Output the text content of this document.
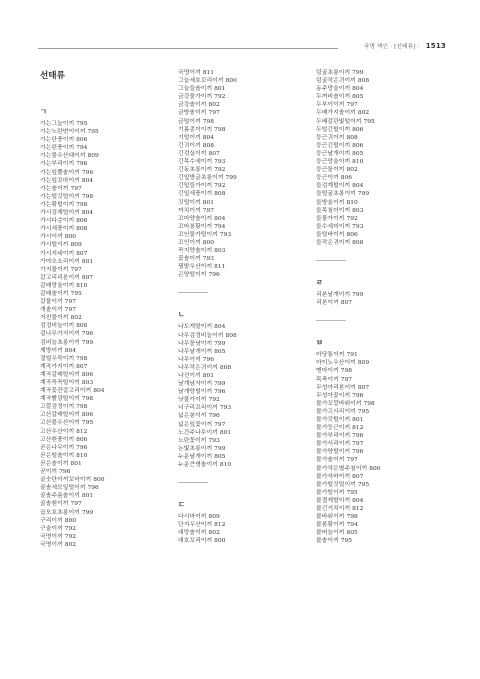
국명 색인 · [선태류] · 1513
선태류
ㄱ
가는그늘이끼 795
가는노란변이이끼 795
가는단풍이끼 806
가는린풍이끼 794
가는물우산대이끼 809
가는부리이끼 796
가는잎뿔솔이끼 796
가는잎꼬마이끼 804
가는솔이끼 797
가는털깃털이끼 798
가는황털이끼 798
가시검계털이끼 804
가시다층이끼 806
가시세풍이끼 808
가시이끼 800
가시털이끼 809
가시지네이끼 807
가야오소리이끼 801
가지물이끼 797
갈고리리본이끼 807
갈래망울이끼 810
갈래솔이끼 795
갈물이끼 797
개솔이끼 797
거친물이끼 802
검정비늘이끼 808
겉나무가지이끼 796
검비늘초롱이끼 799
계방이끼 804
결털우묵이끼 798
계곡가지이끼 807
계곡갈래털이끼 806
계곡꼭꼭털이끼 803
계곡꽃잔갈고리이끼 804
계곡빨광털이끼 798
고깔검정이끼 798
고산갈래털이끼 806
고산물우산이끼 795
고산우산이끼 812
고산흰풍이끼 806
곧은나무이끼 796
곧은털솔이끼 810
곧은솔이끼 801
곧이끼 796
골숫단이끼꼬마이끼 800
골솔세모잎털이끼 796
골솔주름솔이끼 801
골솔흰이끼 797
곱모호초롱이끼 799
구리이끼 800
구술이끼 792
국명이끼 792
국명이끼 802
국명이끼 811
그늘세호꼬리이끼 800
그늘들솔이끼 801
금강물가이끼 792
금강솔이끼 802
금방솔이끼 797
금털이끼 798
기름종이이끼 798
기털이끼 804
긴귀이끼 808
긴검실이끼 807
긴목수세이끼 793
긴동초롱이끼 792
긴잎방글초롱이끼 799
긴잎들가이끼 792
긴잎세풍이끼 808
깃털이끼 801
까치이끼 797
꼬마양솔이끼 804
꼬마봉황이끼 794
꼬인물가털이끼 793
꼬인이끼 800
꼭지양솔이끼 803
꽃솔이끼 793
꿩밭우산이끼 811
곤양털이끼 796
ㄴ
나도게발이끼 804
나무검정비늘이끼 808
나무꼴남이끼 799
나무날개이끼 805
나무이끼 796
나무작은귀이끼 808
나선이끼 801
날개남자이끼 799
날개양털이끼 796
낫물가이끼 792
너구리꼬리이끼 793
넓은봉이끼 796
넓은잎꽃이끼 797
노간주나무이끼 801
노란꽃이끼 793
논빛초롱이끼 799
누운날개이끼 805
누운큰명솔이끼 810
ㄷ
다시마이끼 809
단지우산이끼 812
대망솔이끼 802
대호꼬리이끼 800
덩굴초롱이끼 799
덩굴작은귀이끼 808
동주망울이끼 804
두꺼비솔이끼 805
두부이이끼 797
두배가지솔이끼 802
두배갈관빛털이끼 795
두털긴털이끼 806
둥근귀이끼 808
둥근긴털이끼 806
둥근날개이끼 805
둥근망울이끼 810
둥근돌이끼 802
둥근이끼 806
들검계털이끼 804
들털굴초롱이끼 799
들방울이끼 810
들목침이이끼 803
들물가이끼 792
들수세미이끼 793
들털바이끼 806
들작은귀이끼 808
ㄹ
리본날개이끼 799
리본이끼 807
ㅂ
마당통이끼 791
마이노우산이끼 809
맨마이끼 798
목축이끼 797
무성아리본이끼 807
무성아꽃이끼 796
물가꼬깔바위이끼 798
물가고사리이끼 795
물가깃털이끼 801
물가둥근이끼 812
물가부리이끼 796
물가서리이끼 797
물가양털이끼 796
물가솔이끼 797
물가작은별주침이끼 800
물가자바이끼 807
물가털깃털이끼 795
물가털이끼 795
물결게발이끼 804
물긴거치이끼 812
물바위이끼 798
물봉황이끼 794
물버늘이끼 805
물솔이끼 795
